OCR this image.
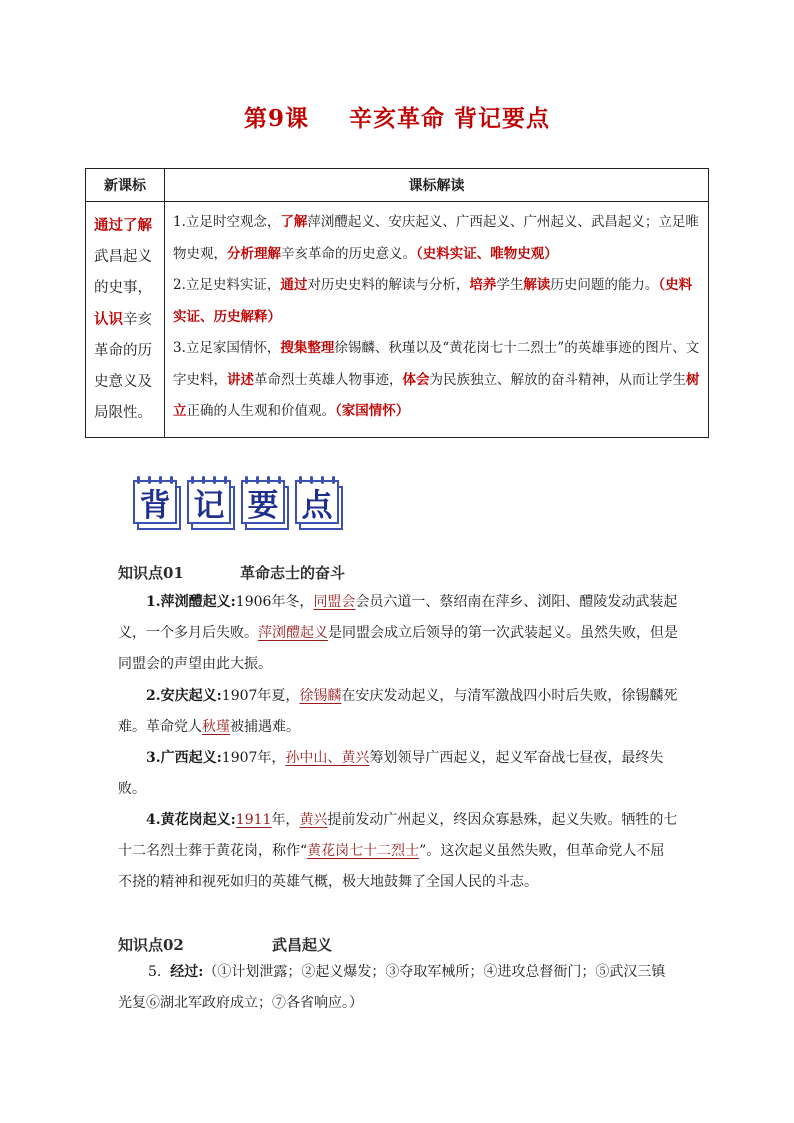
第9课 辛亥革命 背记要点
新课标	课标解读
通过了解武昌起义的史事，认识辛亥革命的历史意义及局限性。	1.立足时空观念，了解萍浏醴起义、安庆起义、广西起义、广州起义、武昌起义；立足唯物史观，分析理解辛亥革命的历史意义。（史料实证、唯物史观）
2.立足史料实证，通过对历史史料的解读与分析，培养学生解读历史问题的能力。（史料实证、历史解释）
3.立足家国情怀，搜集整理徐锡麟、秋瑾以及“黄花岗七十二烈士”的英雄事迹的图片、文字史料，讲述革命烈士英雄人物事迹，体会为民族独立、解放的奋斗精神，从而让学生树立正确的人生观和价值观。（家国情怀）
背 记 要 点
知识点01	革命志士的奋斗
1.萍浏醴起义:1906年冬，同盟会会员六道一、蔡绍南在萍乡、浏阳、醴陵发动武装起义，一个多月后失败。萍浏醴起义是同盟会成立后领导的第一次武装起义。虽然失败，但是同盟会的声望由此大振。
2.安庆起义:1907年夏，徐锡麟在安庆发动起义，与清军激战四小时后失败，徐锡麟死难。革命党人秋瑾被捕遇难。
3.广西起义:1907年，孙中山、黄兴筹划领导广西起义，起义军奋战七昼夜，最终失败。
4.黄花岗起义:1911年，黄兴提前发动广州起义，终因众寡悬殊，起义失败。牺牲的七十二名烈士葬于黄花岗，称作“黄花岗七十二烈士”。这次起义虽然失败，但革命党人不屈不挠的精神和视死如归的英雄气概，极大地鼓舞了全国人民的斗志。
知识点02	武昌起义
5. 经过:（①计划泄露；②起义爆发；③夺取军械所；④进攻总督衙门；⑤武汉三镇光复⑥湖北军政府成立；⑦各省响应。）
